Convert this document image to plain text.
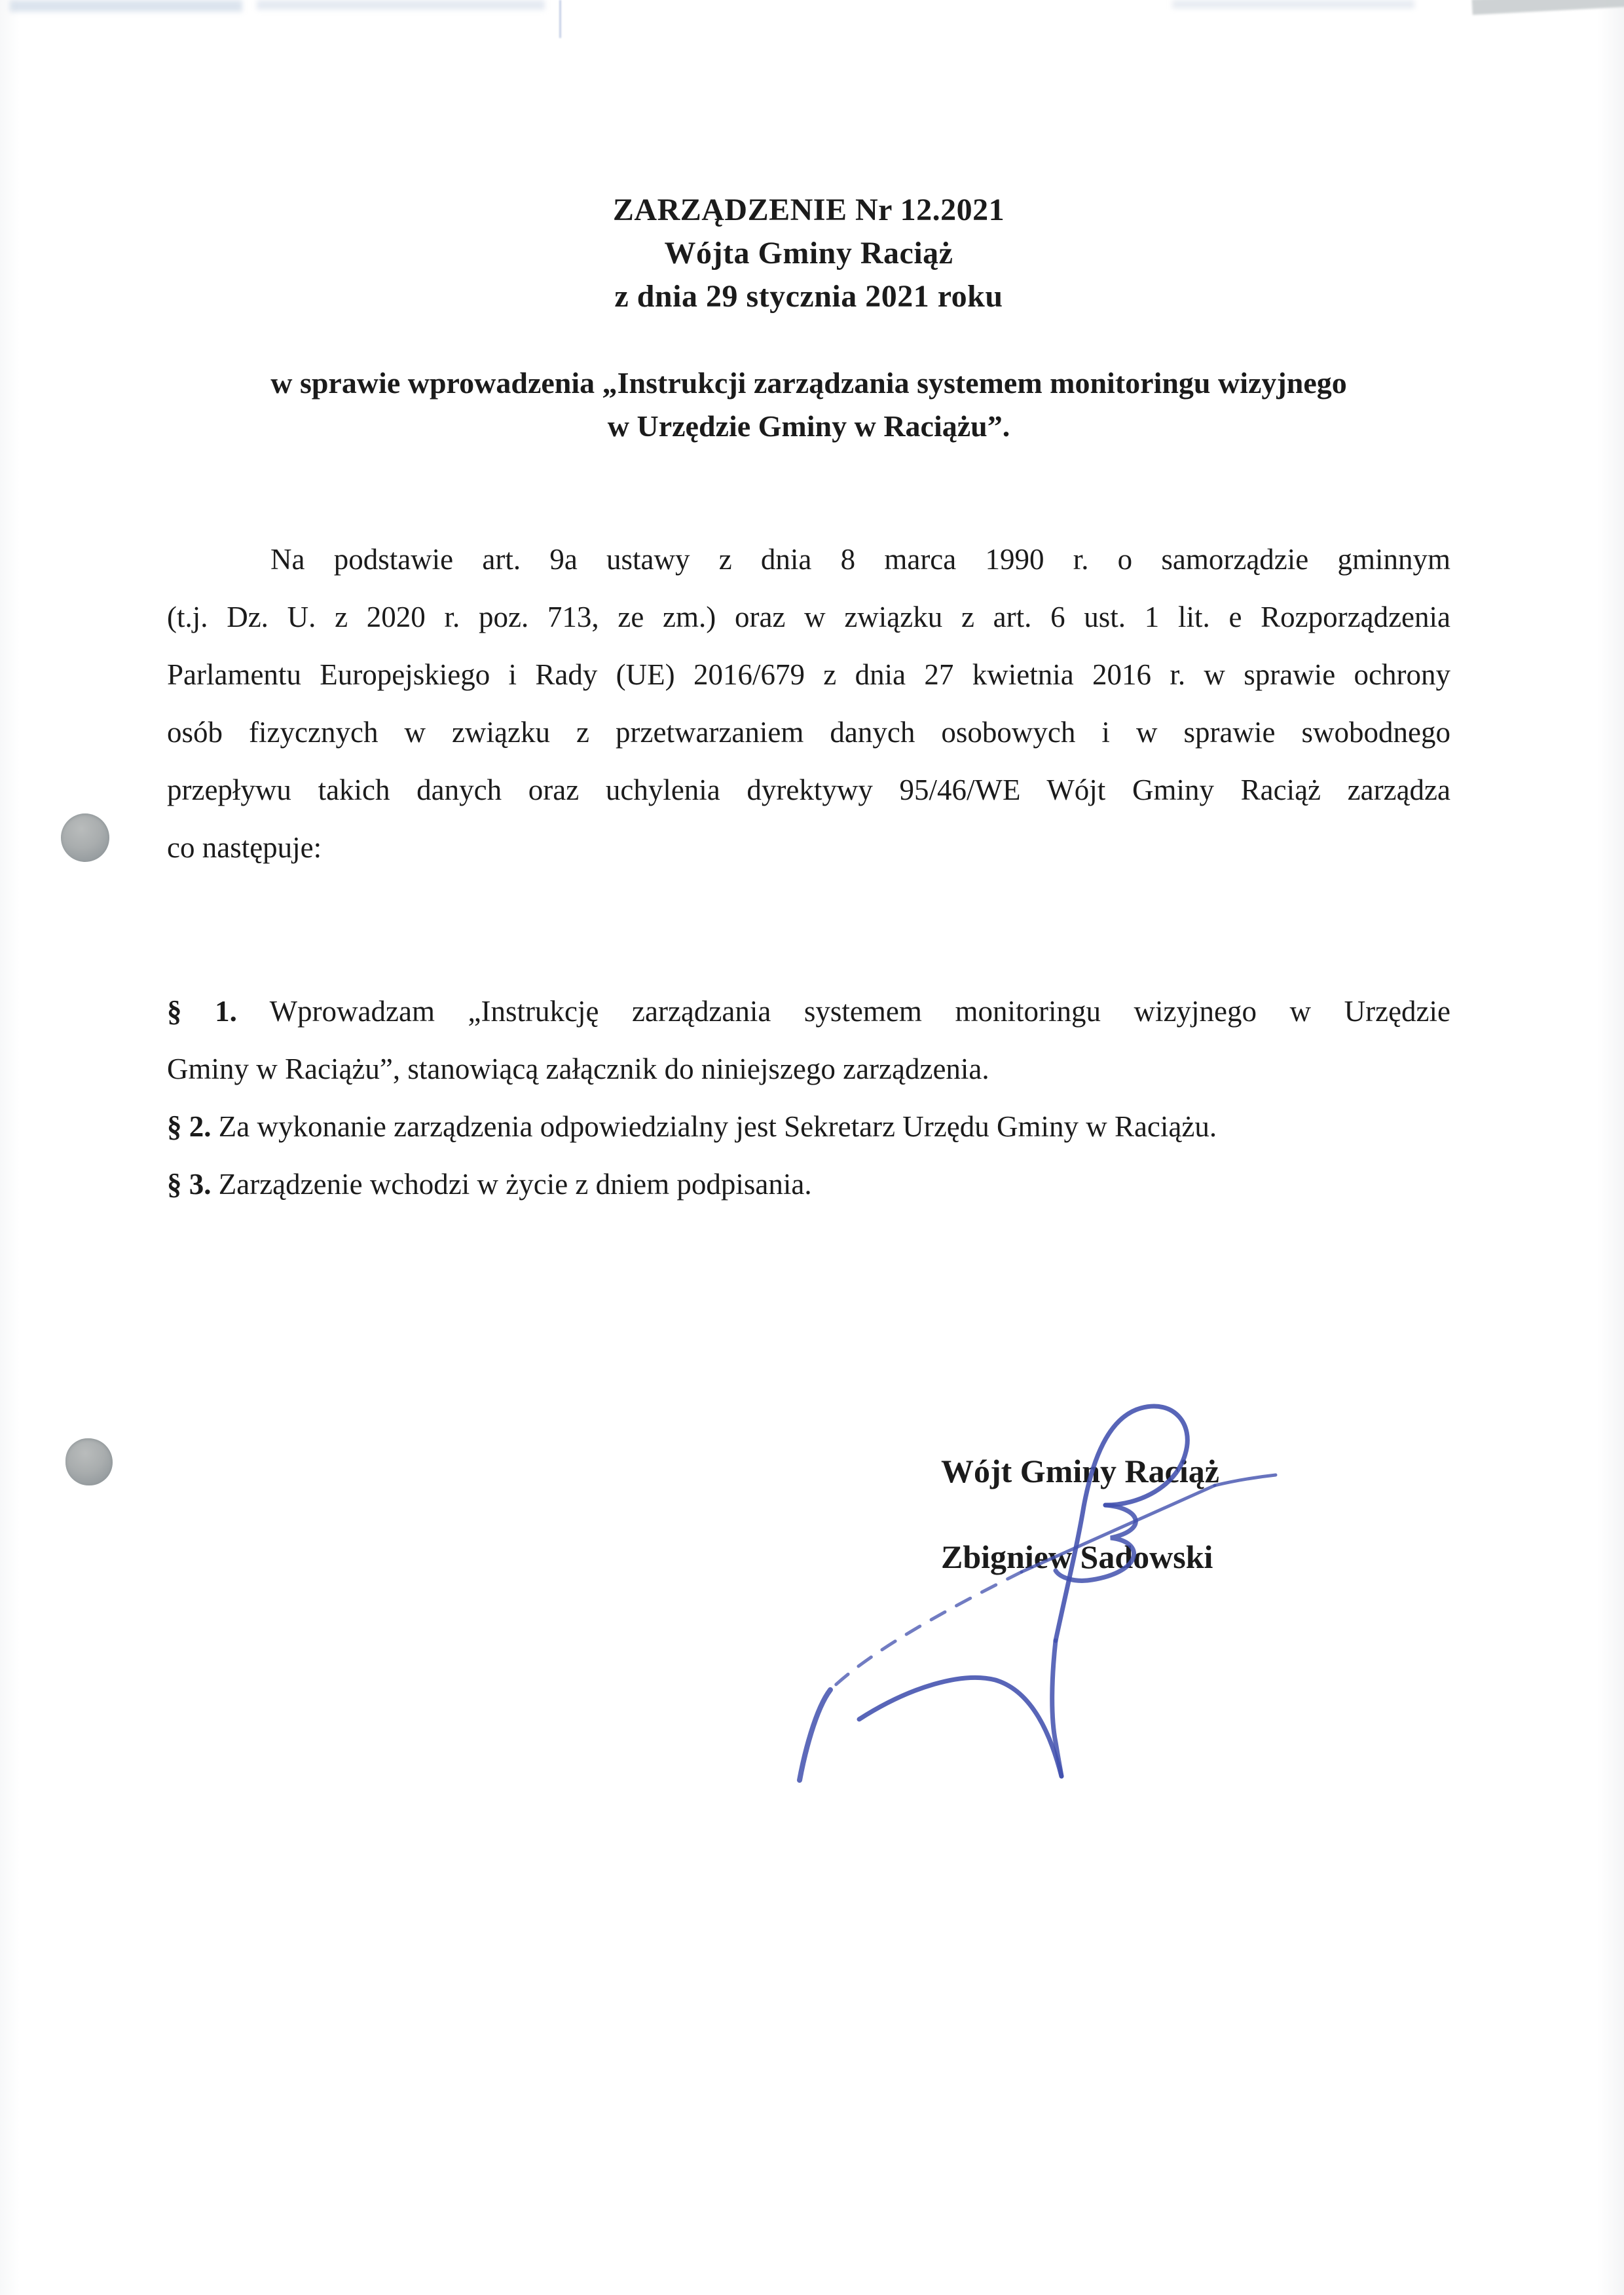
ZARZĄDZENIE Nr 12.2021
Wójta Gminy Raciąż
z dnia 29 stycznia 2021 roku
w sprawie wprowadzenia „Instrukcji zarządzania systemem monitoringu wizyjnego
w Urzędzie Gminy w Raciążu”.
Na podstawie art. 9a ustawy z dnia 8 marca 1990 r. o samorządzie gminnym
(t.j. Dz. U. z 2020 r. poz. 713, ze zm.) oraz w związku z art. 6 ust. 1 lit. e Rozporządzenia
Parlamentu Europejskiego i Rady (UE) 2016/679 z dnia 27 kwietnia 2016 r. w sprawie ochrony
osób fizycznych w związku z przetwarzaniem danych osobowych i w sprawie swobodnego
przepływu takich danych oraz uchylenia dyrektywy 95/46/WE Wójt Gminy Raciąż zarządza
co następuje:
§ 1. Wprowadzam „Instrukcję zarządzania systemem monitoringu wizyjnego w Urzędzie
Gminy w Raciążu”, stanowiącą załącznik do niniejszego zarządzenia.
§ 2. Za wykonanie zarządzenia odpowiedzialny jest Sekretarz Urzędu Gminy w Raciążu.
§ 3. Zarządzenie wchodzi w życie z dniem podpisania.
Wójt Gminy Raciąż
Zbigniew Sadowski
